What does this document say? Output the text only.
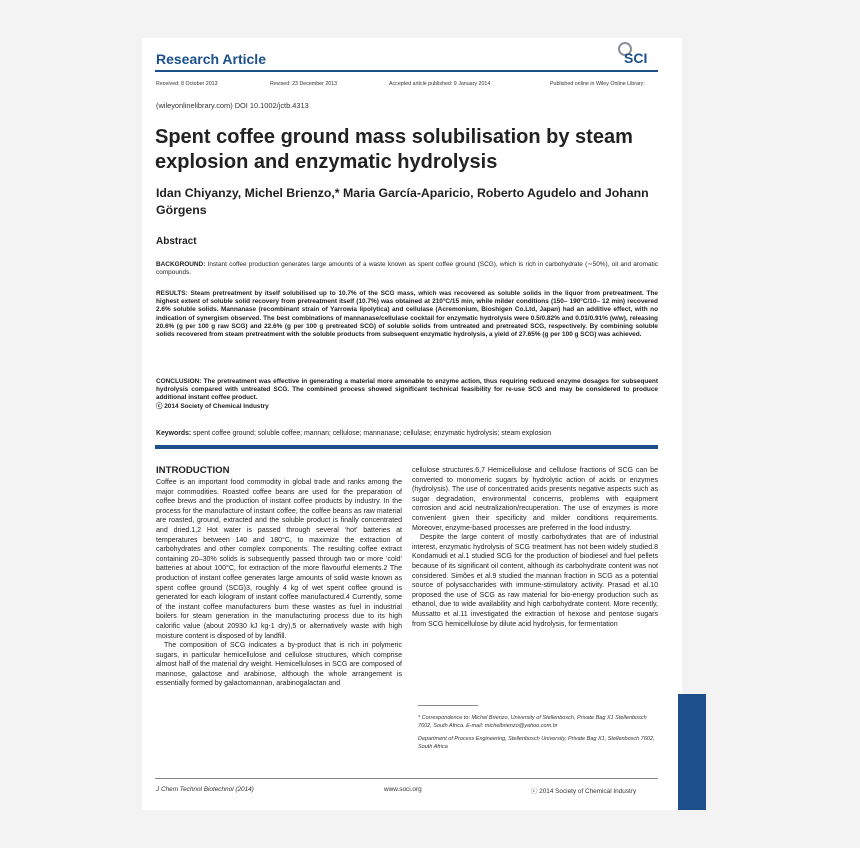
Research Article	SCI
Received: 8 October 2013	Revised: 23 December 2013	Accepted article published: 9 January 2014	Published online in Wiley Online Library:
(wileyonlinelibrary.com) DOI 10.1002/jctb.4313
Spent coffee ground mass solubilisation by steam explosion and enzymatic hydrolysis
Idan Chiyanzy, Michel Brienzo,* Maria García-Aparicio, Roberto Agudelo and Johann Görgens
Abstract
BACKGROUND: Instant coffee production generates large amounts of a waste known as spent coffee ground (SCG), which is rich in carbohydrate (∼50%), oil and aromatic compounds.
RESULTS: Steam pretreatment by itself solubilised up to 10.7% of the SCG mass, which was recovered as soluble solids in the liquor from pretreatment. The highest extent of soluble solid recovery from pretreatment itself (10.7%) was obtained at 210°C/15 min, while milder conditions (150– 190°C/10– 12 min) recovered 2.6% soluble solids. Mannanase (recombinant strain of Yarrowia lipolytica) and cellulase (Acremonium, Bioshigen Co.Ltd, Japan) had an additive effect, with no indication of synergism observed. The best combinations of mannanase/cellulase cocktail for enzymatic hydrolysis were 0.5/0.82% and 0.01/0.91% (w/w), releasing 20.6% (g per 100 g raw SCG) and 22.6% (g per 100 g pretreated SCG) of soluble solids from untreated and pretreated SCG, respectively. By combining soluble solids recovered from steam pretreatment with the soluble products from subsequent enzymatic hydrolysis, a yield of 27.65% (g per 100 g SCG) was achieved.
CONCLUSION: The pretreatment was effective in generating a material more amenable to enzyme action, thus requiring reduced enzyme dosages for subsequent hydrolysis compared with untreated SCG. The combined process showed significant technical feasibility for re-use SCG and may be considered to produce additional instant coffee product.
ⓒ 2014 Society of Chemical Industry
Keywords: spent coffee ground; soluble coffee; mannan; cellulose; mannanase; cellulase; enzymatic hydrolysis; steam explosion
INTRODUCTION

Coffee is an important food commodity in global trade and ranks among the major commodities. Roasted coffee beans are used for the preparation of coffee brews and the production of instant coffee products by industry. In the process for the manufacture of instant coffee, the coffee beans as raw material are roasted, ground, extracted and the soluble product is finally concentrated and dried.1,2 Hot water is passed through several ‘hot’ batteries at temperatures between 140 and 180°C, to maximize the extraction of carbohydrates and other complex components. The resulting coffee extract containing 20–30% solids is subsequently passed through two or more ‘cold’ batteries at about 100°C, for extraction of the more flavourful elements.2 The production of instant coffee generates large amounts of solid waste known as spent coffee ground (SCG)3, roughly 4 kg of wet spent coffee ground is generated for each kilogram of instant coffee manufactured.4 Currently, some of the instant coffee manufacturers burn these wastes as fuel in industrial boilers for steam generation in the manufacturing process due to its high calorific value (about 20930 kJ kg-1 dry),5 or alternatively waste with high moisture content is disposed of by landfill.

The composition of SCG indicates a by-product that is rich in polymeric sugars, in particular hemicellulose and cellulose structures, which comprise almost half of the material dry weight. Hemicelluloses in SCG are composed of mannose, galactose and arabinose, although the whole arrangement is essentially formed by galactomannan, arabinogalactan and

cellulose structures.6,7 Hemicellulose and cellulose fractions of SCG can be converted to monomeric sugars by hydrolytic action of acids or enzymes (hydrolysis). The use of concentrated acids presents negative aspects such as sugar degradation, environmental concerns, problems with equipment corrosion and acid neutralization/recuperation. The use of enzymes is more convenient given their specificity and milder conditions requirements. Moreover, enzyme-based processes are preferred in the food industry.

Despite the large content of mostly carbohydrates that are of industrial interest, enzymatic hydrolysis of SCG treatment has not been widely studied.8 Kondamudi et al.1 studied SCG for the production of biodiesel and fuel pellets because of its significant oil content, although its carbohydrate content was not considered. Simões et al.9 studied the mannan fraction in SCG as a potential source of polysaccharides with immune-stimulatory activity. Prasad et al.10 proposed the use of SCG as raw material for bio-energy production such as ethanol, due to wide availability and high carbohydrate content. More recently, Mussatto et al.11 investigated the extraction of hexose and pentose sugars from SCG hemicellulose by dilute acid hydrolysis, for fermentation

* Correspondence to: Michel Brienzo, University of Stellenbosch, Private Bag X1 Stellenbosch 7602, South Africa. E-mail: michelbrienzo@yahoo.com.br
Department of Process Engineering, Stellenbosch University, Private Bag X1, Stellenbosch 7602, South Africa
J Chem Technol Biotechnol (2014)	www.soci.org	ⓒ 2014 Society of Chemical Industry
